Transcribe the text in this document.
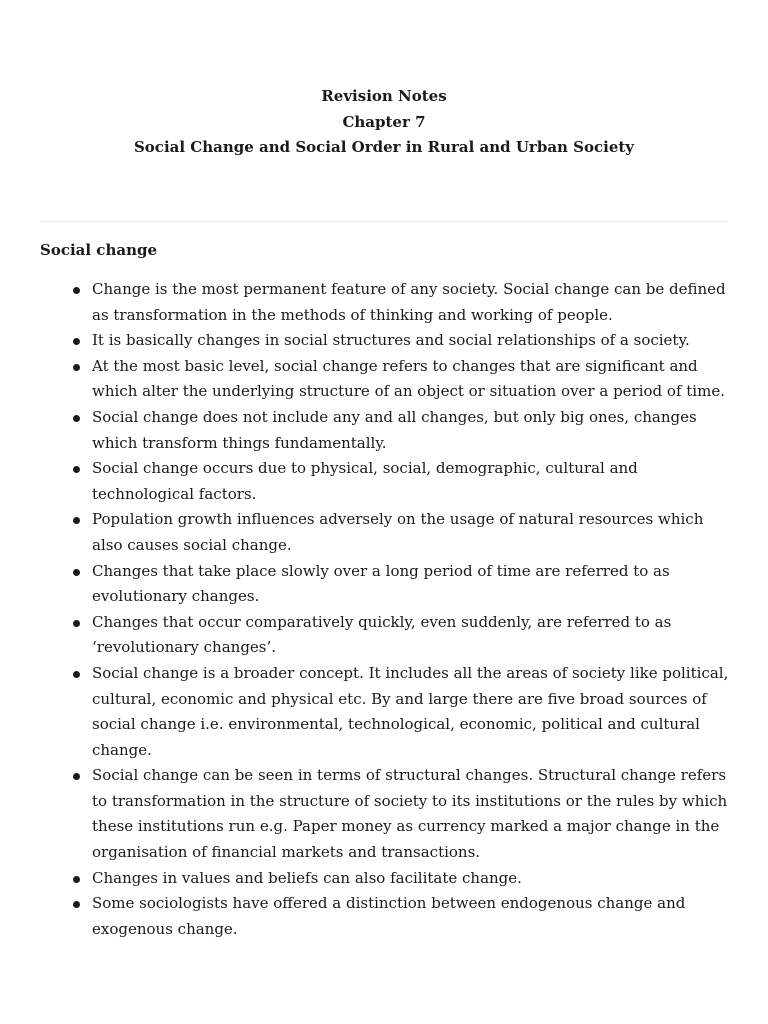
Revision Notes
Chapter 7
Social Change and Social Order in Rural and Urban Society
Social change
Change is the most permanent feature of any society. Social change can be defined as transformation in the methods of thinking and working of people.
It is basically changes in social structures and social relationships of a society.
At the most basic level, social change refers to changes that are significant and which alter the underlying structure of an object or situation over a period of time.
Social change does not include any and all changes, but only big ones, changes which transform things fundamentally.
Social change occurs due to physical, social, demographic, cultural and technological factors.
Population growth influences adversely on the usage of natural resources which also causes social change.
Changes that take place slowly over a long period of time are referred to as evolutionary changes.
Changes that occur comparatively quickly, even suddenly, are referred to as ‘revolutionary changes’.
Social change is a broader concept. It includes all the areas of society like political, cultural, economic and physical etc. By and large there are five broad sources of social change i.e. environmental, technological, economic, political and cultural change.
Social change can be seen in terms of structural changes. Structural change refers to transformation in the structure of society to its institutions or the rules by which these institutions run e.g. Paper money as currency marked a major change in the organisation of financial markets and transactions.
Changes in values and beliefs can also facilitate change.
Some sociologists have offered a distinction between endogenous change and exogenous change.
